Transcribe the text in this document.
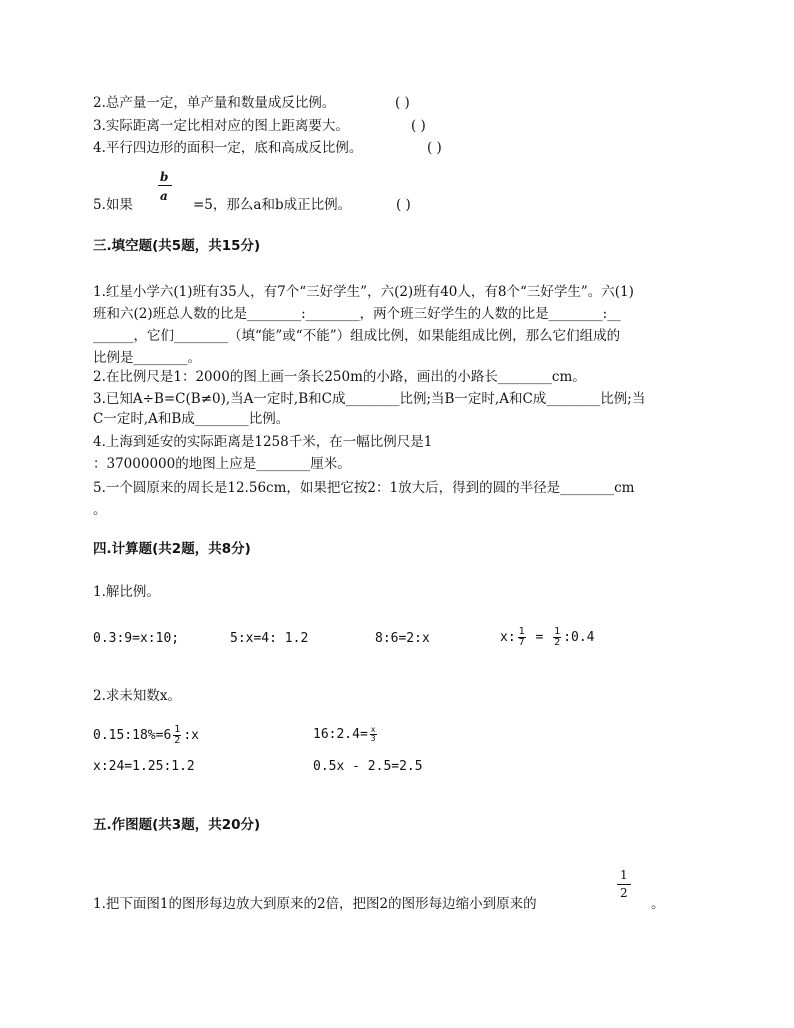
2.总产量一定，单产量和数量成反比例。	( )
3.实际距离一定比相对应的图上距离要大。	( )
4.平行四边形的面积一定，底和高成反比例。	( )
b
a
5.如果	=5，那么a和b成正比例。	( )
三.填空题(共5题，共15分)
1.红星小学六(1)班有35人，有7个“三好学生”，六(2)班有40人，有8个“三好学生”。六(1)
班和六(2)班总人数的比是________:________，两个班三好学生的人数的比是________:__
______，它们________（填“能”或“不能”）组成比例，如果能组成比例，那么它们组成的
比例是________。
2.在比例尺是1：2000的图上画一条长250m的小路，画出的小路长________cm。
3.已知A÷B=C(B≠0),当A一定时,B和C成________比例;当B一定时,A和C成________比例;当
C一定时,A和B成________比例。
4.上海到延安的实际距离是1258千米，在一幅比例尺是1
：37000000的地图上应是________厘米。
5.一个圆原来的周长是12.56cm，如果把它按2：1放大后，得到的圆的半径是________cm
。
四.计算题(共2题，共8分)
1.解比例。
0.3:9=x:10;	5:x=4: 1.2	8:6=2:x	x: $\frac{1}{7} = \frac{1}{2}$ :0.4
2.求未知数x。
0.15:18%=6 $\frac{1}{2}$ :x	16:2.4= $\frac{x}{3}$
x:24=1.25:1.2	0.5x - 2.5=2.5
五.作图题(共3题，共20分)
1
2
1.把下面图1的图形每边放大到原来的2倍，把图2的图形每边缩小到原来的	。
